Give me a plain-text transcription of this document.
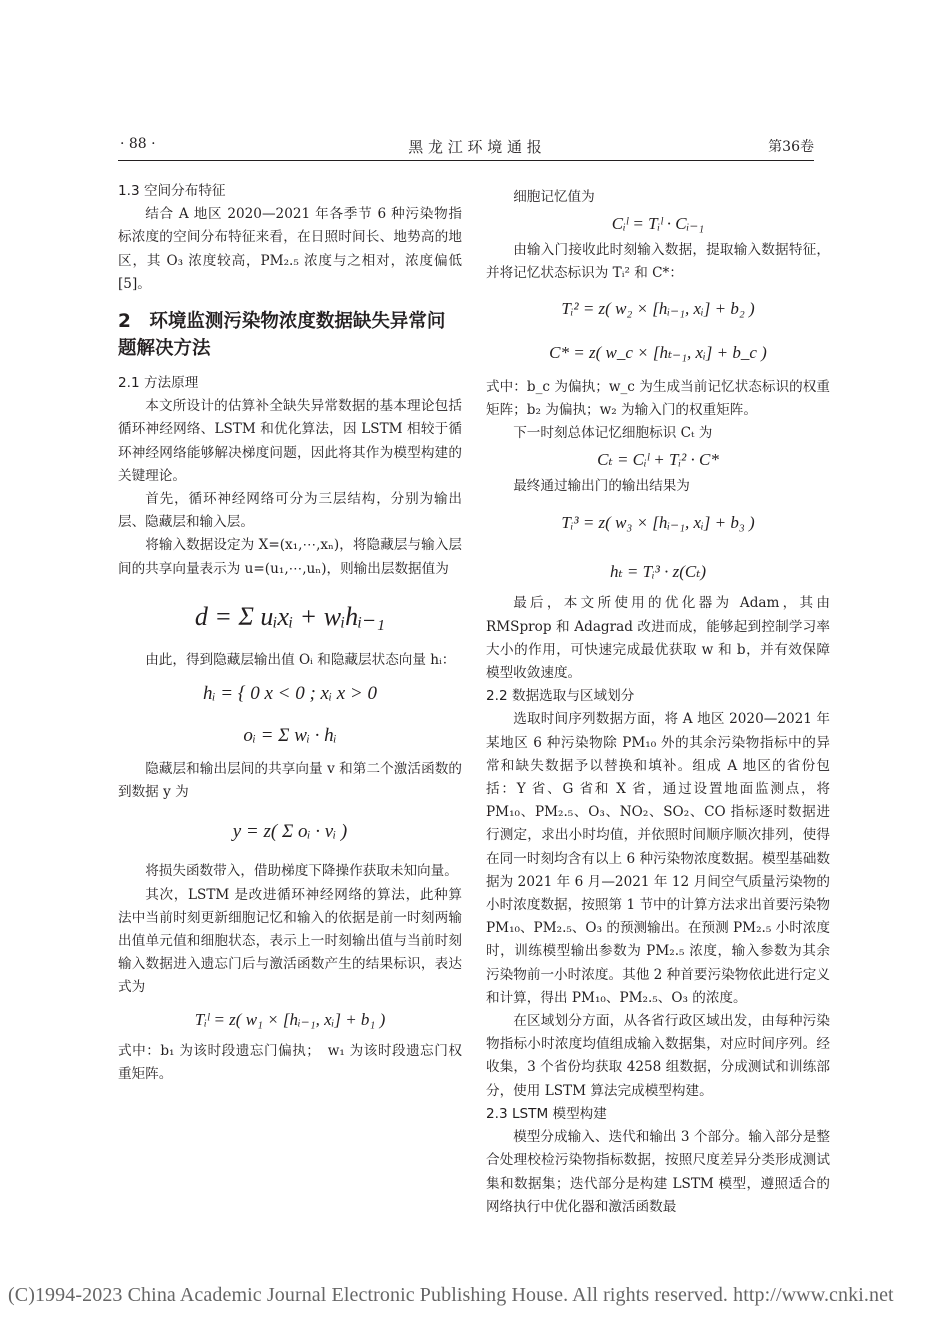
· 88 ·	黑 龙 江 环 境 通 报	第36卷
1.3 空间分布特征

结合 A 地区 2020—2021 年各季节 6 种污染物指标浓度的空间分布特征来看，在日照时间长、地势高的地区，其 O₃ 浓度较高，PM₂.₅ 浓度与之相对，浓度偏低 [5]。

2　环境监测污染物浓度数据缺失异常问题解决方法
2.1 方法原理

本文所设计的估算补全缺失异常数据的基本理论包括循环神经网络、LSTM 和优化算法，因 LSTM 相较于循环神经网络能够解决梯度问题，因此将其作为模型构建的关键理论。

首先，循环神经网络可分为三层结构，分别为输出层、隐藏层和输入层。

将输入数据设定为 X=(x₁,⋯,xₙ)，将隐藏层与输入层间的共享向量表示为 u=(u₁,⋯,uₙ)，则输出层数据值为

d = Σ uᵢxᵢ + wᵢhᵢ₋₁

由此，得到隐藏层输出值 Oᵢ 和隐藏层状态向量 hᵢ：

hᵢ = { 0 x < 0 ; xᵢ x > 0
oᵢ = Σ wᵢ · hᵢ

隐藏层和输出层间的共享向量 v 和第二个激活函数的到数据 y 为

y = z( Σ oᵢ · vᵢ )

将损失函数带入，借助梯度下降操作获取未知向量。

其次，LSTM 是改进循环神经网络的算法，此种算法中当前时刻更新细胞记忆和输入的依据是前一时刻两输出值单元值和细胞状态，表示上一时刻输出值与当前时刻输入数据进入遗忘门后与激活函数产生的结果标识，表达式为

Tᵢˡ = z( w₁ × [hᵢ₋₁, xᵢ] + b₁ )

式中：b₁ 为该时段遗忘门偏执；　w₁ 为该时段遗忘门权重矩阵。

细胞记忆值为

Cᵢˡ = Tᵢˡ · Cᵢ₋₁

由输入门接收此时刻输入数据，提取输入数据特征，并将记忆状态标识为 Tᵢ² 和 C*：

Tᵢ² = z( w₂ × [hᵢ₋₁, xᵢ] + b₂ )
C* = z( w_c × [hₜ₋₁, xᵢ] + b_c )

式中：b_c 为偏执；w_c 为生成当前记忆状态标识的权重矩阵；b₂ 为偏执；w₂ 为输入门的权重矩阵。

下一时刻总体记忆细胞标识 Cₜ 为

Cₜ = Cᵢˡ + Tᵢ² · C*

最终通过输出门的输出结果为

Tᵢ³ = z( w₃ × [hᵢ₋₁, xᵢ] + b₃ )
hₜ = Tᵢ³ · z(Cₜ)

最后，本文所使用的优化器为 Adam，其由 RMSprop 和 Adagrad 改进而成，能够起到控制学习率大小的作用，可快速完成最优获取 w 和 b，并有效保障模型收敛速度。

2.2 数据选取与区域划分

选取时间序列数据方面，将 A 地区 2020—2021 年某地区 6 种污染物除 PM₁₀ 外的其余污染物指标中的异常和缺失数据予以替换和填补。组成 A 地区的省份包括：Y 省、G 省和 X 省，通过设置地面监测点，将 PM₁₀、PM₂.₅、O₃、NO₂、SO₂、CO 指标逐时数据进行测定，求出小时均值，并依照时间顺序顺次排列，使得在同一时刻均含有以上 6 种污染物浓度数据。模型基础数据为 2021 年 6 月—2021 年 12 月间空气质量污染物的小时浓度数据，按照第 1 节中的计算方法求出首要污染物 PM₁₀、PM₂.₅、O₃ 的预测输出。在预测 PM₂.₅ 小时浓度时，训练模型输出参数为 PM₂.₅ 浓度，输入参数为其余污染物前一小时浓度。其他 2 种首要污染物依此进行定义和计算，得出 PM₁₀、PM₂.₅、O₃ 的浓度。

在区域划分方面，从各省行政区域出发，由每种污染物指标小时浓度均值组成输入数据集，对应时间序列。经收集，3 个省份均获取 4258 组数据，分成测试和训练部分，使用 LSTM 算法完成模型构建。

2.3 LSTM 模型构建

模型分成输入、迭代和输出 3 个部分。输入部分是整合处理校检污染物指标数据，按照尺度差异分类形成测试集和数据集；迭代部分是构建 LSTM 模型，遵照适合的网络执行中优化器和激活函数最

(C)1994-2023 China Academic Journal Electronic Publishing House. All rights reserved. http://www.cnki.net
